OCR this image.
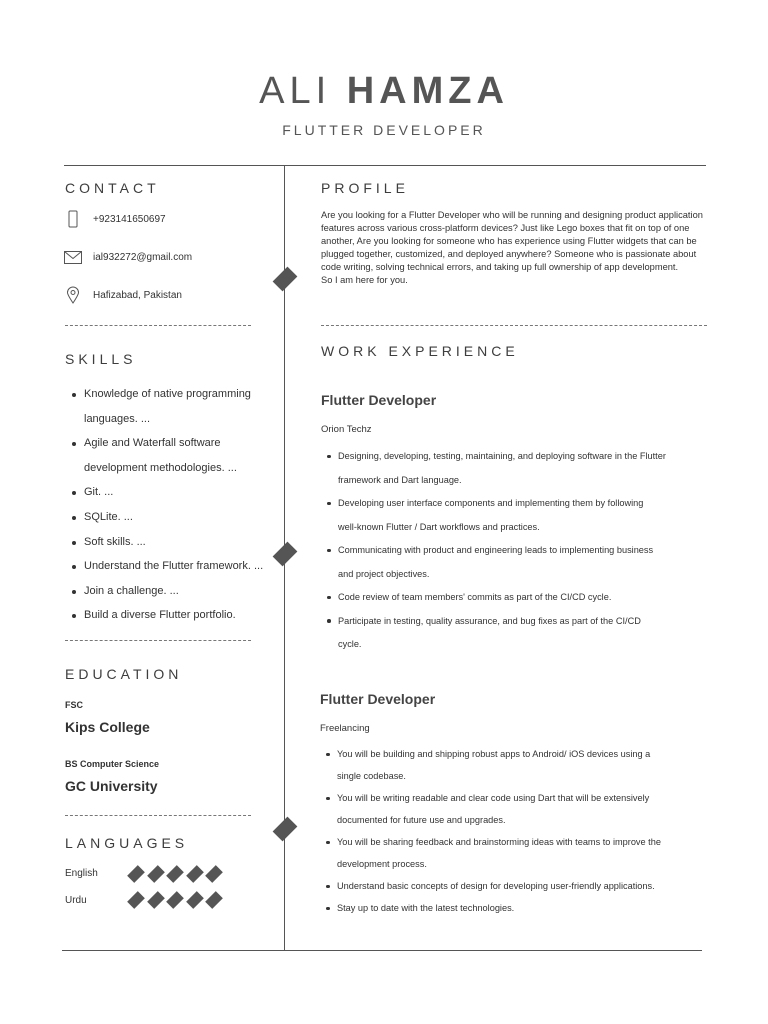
ALI HAMZA
FLUTTER DEVELOPER
CONTACT
+923141650697
ial932272@gmail.com
Hafizabad, Pakistan
SKILLS
Knowledge of native programming languages. ...
Agile and Waterfall software development methodologies. ...
Git. ...
SQLite. ...
Soft skills. ...
Understand the Flutter framework. ...
Join a challenge. ...
Build a diverse Flutter portfolio.
EDUCATION
FSC
Kips College
BS Computer Science
GC University
LANGUAGES
English
Urdu
PROFILE
Are you looking for a Flutter Developer who will be running and designing product application features across various cross-platform devices? Just like Lego boxes that fit on top of one another, Are you looking for someone who has experience using Flutter widgets that can be plugged together, customized, and deployed anywhere? Someone who is passionate about code writing, solving technical errors, and taking up full ownership of app development.
So I am here for you.
WORK EXPERIENCE
Flutter Developer
Orion Techz
Designing, developing, testing, maintaining, and deploying software in the Flutter
framework and Dart language.
Developing user interface components and implementing them by following
well-known Flutter / Dart workflows and practices.
Communicating with product and engineering leads to implementing business
and project objectives.
Code review of team members' commits as part of the CI/CD cycle.
Participate in testing, quality assurance, and bug fixes as part of the CI/CD
cycle.
Flutter Developer
Freelancing
You will be building and shipping robust apps to Android/ iOS devices using a
single codebase.
You will be writing readable and clear code using Dart that will be extensively
documented for future use and upgrades.
You will be sharing feedback and brainstorming ideas with teams to improve the
development process.
Understand basic concepts of design for developing user-friendly applications.
Stay up to date with the latest technologies.
